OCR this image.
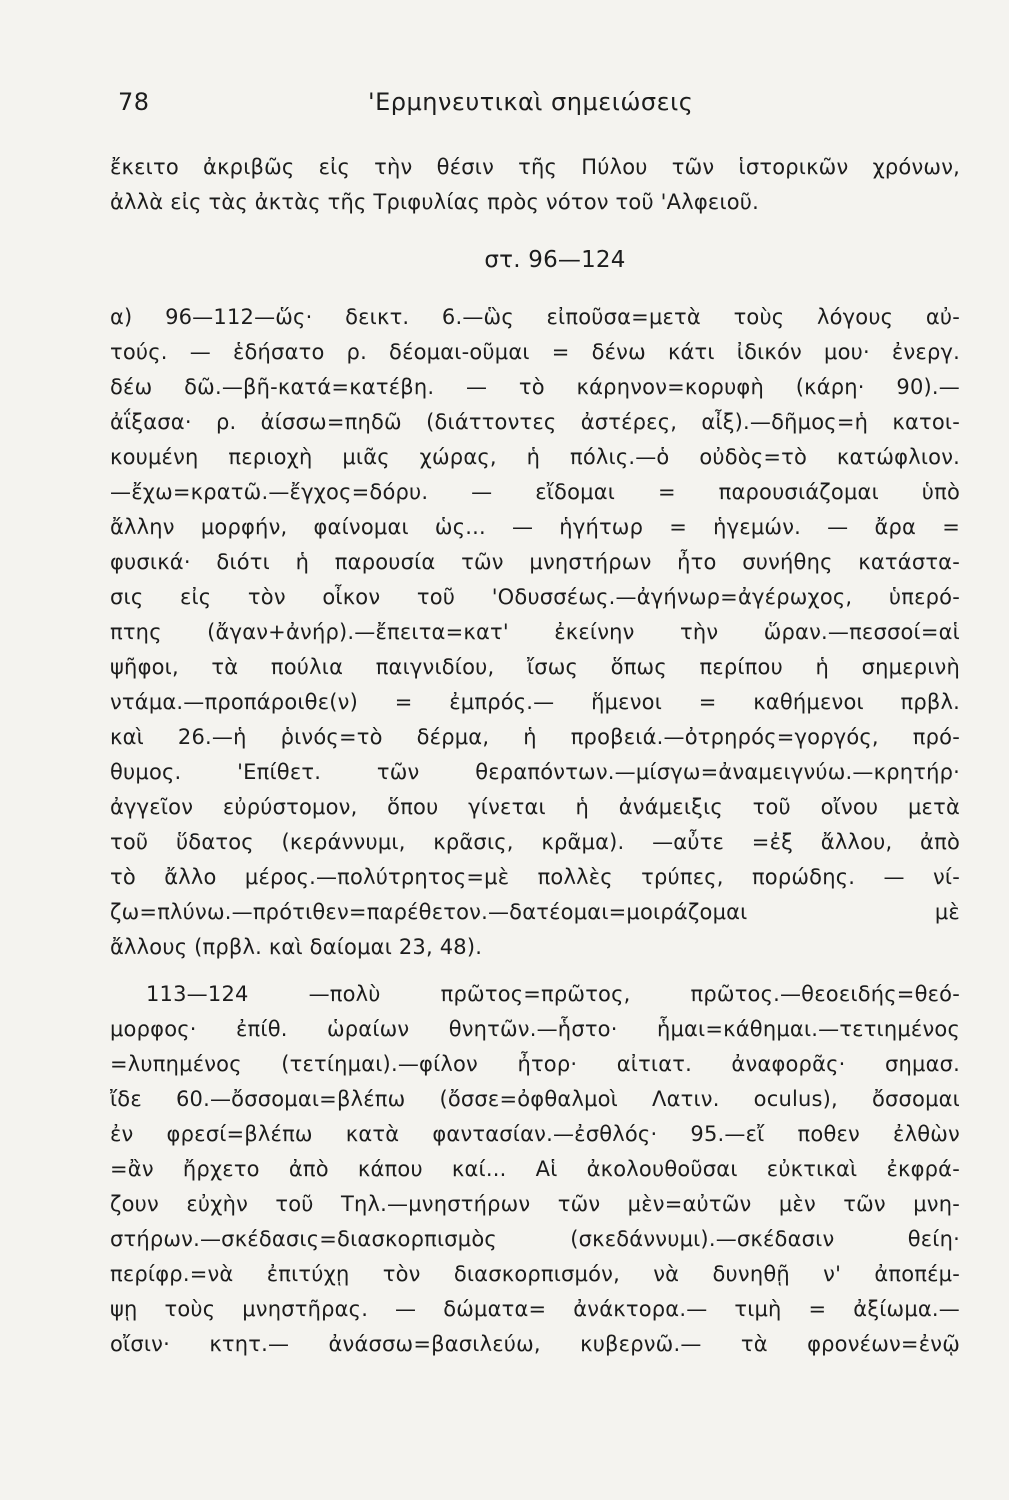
78	'Ερμηνευτικαὶ σημειώσεις
ἔκειτο ἀκριβῶς εἰς τὴν θέσιν τῆς Πύλου τῶν ἱστορικῶν χρόνων,
ἀλλὰ εἰς τὰς ἀκτὰς τῆς Τριφυλίας πρὸς νότον τοῦ 'Αλφειοῦ.
στ. 96—124
α) 96—112—ὥς· δεικτ. 6.—ὣς εἰποῦσα=μετὰ τοὺς λόγους αὐ-
τούς. — ἑδήσατο ρ. δέομαι-οῦμαι = δένω κάτι ἰδικόν μου· ἐνεργ.
δέω δῶ.—βῆ-κατά=κατέβη. — τὸ κάρηνον=κορυφὴ (κάρη· 90).—
ἀΐξασα· ρ. ἀίσσω=πηδῶ (διάττοντες ἀστέρες, αἶξ).—δῆμος=ἡ κατοι-
κουμένη περιοχὴ μιᾶς χώρας, ἡ πόλις.—ὁ οὐδὸς=τὸ κατώφλιον.
—ἔχω=κρατῶ.—ἔγχος=δόρυ. — εἴδομαι = παρουσιάζομαι ὑπὸ
ἄλλην μορφήν, φαίνομαι ὡς... — ἡγήτωρ = ἡγεμών. — ἄρα =
φυσικά· διότι ἡ παρουσία τῶν μνηστήρων ἦτο συνήθης κατάστα-
σις εἰς τὸν οἶκον τοῦ 'Οδυσσέως.—ἀγήνωρ=ἀγέρωχος, ὑπερό-
πτης (ἄγαν+ἀνήρ).—ἔπειτα=κατ' ἐκείνην τὴν ὥραν.—πεσσοί=αἱ
ψῆφοι, τὰ πούλια παιγνιδίου, ἴσως ὅπως περίπου ἡ σημερινὴ
ντάμα.—προπάροιθε(ν) = ἐμπρός.— ἥμενοι = καθήμενοι πρβλ.
καὶ 26.—ἡ ῥινός=τὸ δέρμα, ἡ προβειά.—ὀτρηρός=γοργός, πρό-
θυμος. 'Επίθετ. τῶν θεραπόντων.—μίσγω=ἀναμειγνύω.—κρητήρ·
ἀγγεῖον εὐρύστομον, ὅπου γίνεται ἡ ἀνάμειξις τοῦ οἴνου μετὰ
τοῦ ὕδατος (κεράννυμι, κρᾶσις, κρᾶμα). —αὖτε =ἐξ ἄλλου, ἀπὸ
τὸ ἄλλο μέρος.—πολύτρητος=μὲ πολλὲς τρύπες, πορώδης. — νί-
ζω=πλύνω.—πρότιθεν=παρέθετον.—δατέομαι=μοιράζομαι μὲ
ἄλλους (πρβλ. καὶ δαίομαι 23, 48).
113—124 —πολὺ πρῶτος=πρῶτος, πρῶτος.—θεοειδής=θεό-
μορφος· ἐπίθ. ὡραίων θνητῶν.—ἧστο· ἧμαι=κάθημαι.—τετιημένος
=λυπημένος (τετίημαι).—φίλον ἦτορ· αἰτιατ. ἀναφορᾶς· σημασ.
ἴδε 60.—ὄσσομαι=βλέπω (ὄσσε=ὀφθαλμοὶ Λατιν. oculus), ὄσσομαι
ἐν φρεσί=βλέπω κατὰ φαντασίαν.—ἐσθλός· 95.—εἴ ποθεν ἐλθὼν
=ἂν ἤρχετο ἀπὸ κάπου καί... Αἱ ἀκολουθοῦσαι εὐκτικαὶ ἐκφρά-
ζουν εὐχὴν τοῦ Τηλ.—μνηστήρων τῶν μὲν=αὐτῶν μὲν τῶν μνη-
στήρων.—σκέδασις=διασκορπισμὸς (σκεδάννυμι).—σκέδασιν θείη·
περίφρ.=νὰ ἐπιτύχῃ τὸν διασκορπισμόν, νὰ δυνηθῇ ν' ἀποπέμ-
ψῃ τοὺς μνηστῆρας. — δώματα= ἀνάκτορα.— τιμὴ = ἀξίωμα.—
οἴσιν· κτητ.— ἀνάσσω=βασιλεύω, κυβερνῶ.— τὰ φρονέων=ἐνῷ
